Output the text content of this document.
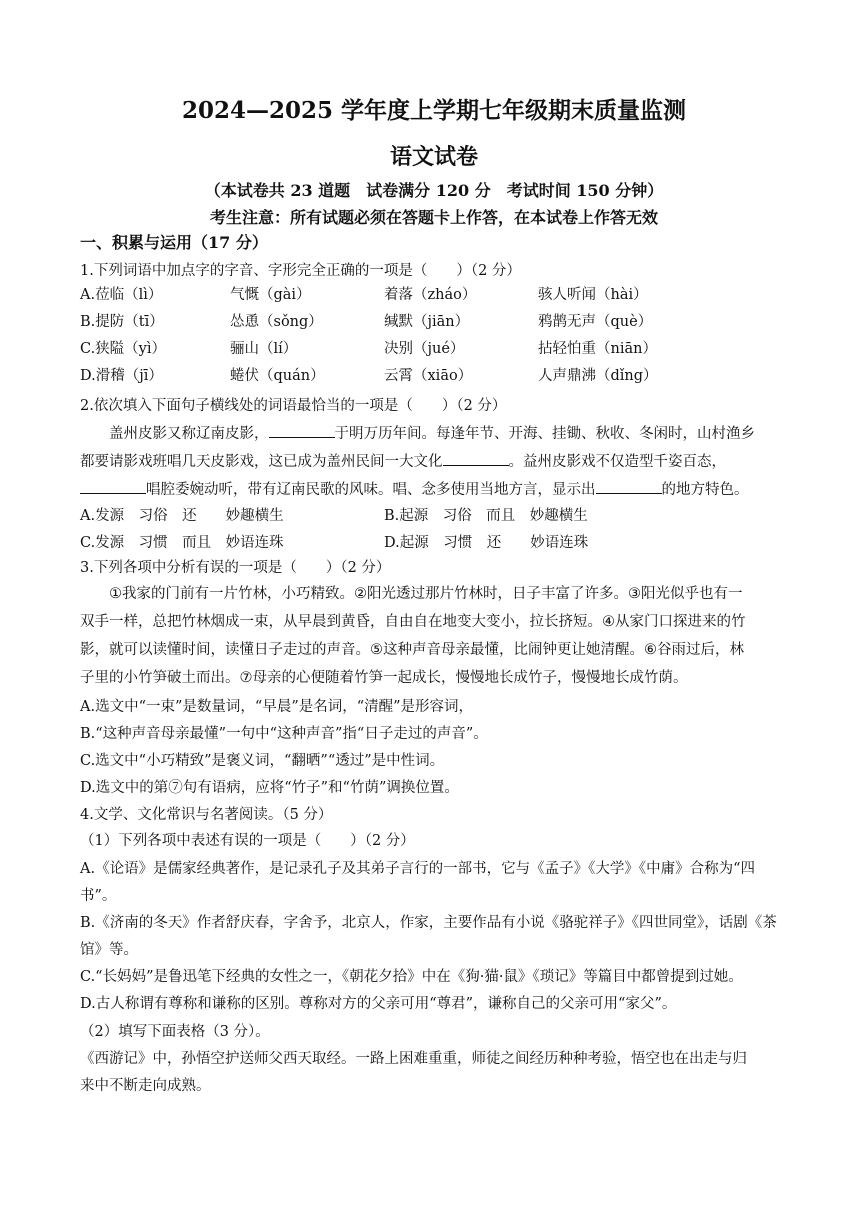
2024—2025 学年度上学期七年级期末质量监测
语文试卷
（本试卷共 23 道题　试卷满分 120 分　考试时间 150 分钟）
考生注意：所有试题必须在答题卡上作答，在本试卷上作答无效
一、积累与运用（17 分）
1.下列词语中加点字的字音、字形完全正确的一项是（　　）（2 分）
A.莅临（lì）	气慨（gài）	着落（zháo）	骇人听闻（hài）
B.提防（tī）	怂恿（sǒng）	缄默（jiān）	鸦鹊无声（què）
C.狭隘（yì）	骊山（lí）	决别（jué）	拈轻怕重（niān）
D.滑稽（jī）	蜷伏（quán）	云霄（xiāo）	人声鼎沸（dǐng）
2.依次填入下面句子横线处的词语最恰当的一项是（　　）（2 分）
　　盖州皮影又称辽南皮影，	于明万历年间。每逢年节、开海、挂锄、秋收、冬闲时，山村渔乡
都要请影戏班唱几天皮影戏，这已成为盖州民间一大文化	。益州皮影戏不仅造型千姿百态，
唱腔委婉动听，带有辽南民歌的风味。唱、念多使用当地方言，显示出	的地方特色。
A.发源　习俗　还　　妙趣横生	B.起源　习俗　而且　妙趣横生
C.发源　习惯　而且　妙语连珠	D.起源　习惯　还　　妙语连珠
3.下列各项中分析有误的一项是（　　）（2 分）
　　①我家的门前有一片竹林，小巧精致。②阳光透过那片竹林时，日子丰富了许多。③阳光似乎也有一
双手一样，总把竹林烟成一束，从早晨到黄昏，自由自在地变大变小，拉长挤短。④从家门口探进来的竹
影，就可以读懂时间，读懂日子走过的声音。⑤这种声音母亲最懂，比闹钟更让她清醒。⑥谷雨过后，林
子里的小竹笋破土而出。⑦母亲的心便随着竹笋一起成长，慢慢地长成竹子，慢慢地长成竹荫。
A.选文中“一束”是数量词，“早晨”是名词，“清醒”是形容词，
B.“这种声音母亲最懂”一句中“这种声音”指“日子走过的声音”。
C.选文中“小巧精致”是褒义词，“翻晒”“透过”是中性词。
D.选文中的第⑦句有语病，应将“竹子”和“竹荫”调换位置。
4.文学、文化常识与名著阅读。（5 分）
（1）下列各项中表述有误的一项是（　　）（2 分）
A.《论语》是儒家经典著作，是记录孔子及其弟子言行的一部书，它与《孟子》《大学》《中庸》合称为“四
书”。
B.《济南的冬天》作者舒庆春，字舍予，北京人，作家，主要作品有小说《骆驼祥子》《四世同堂》，话剧《茶
馆》等。
C.“长妈妈”是鲁迅笔下经典的女性之一，《朝花夕拾》中在《狗·猫·鼠》《琐记》等篇目中都曾提到过她。
D.古人称谓有尊称和谦称的区别。尊称对方的父亲可用“尊君”，谦称自己的父亲可用“家父”。
（2）填写下面表格（3 分）。
《西游记》中，孙悟空护送师父西天取经。一路上困难重重，师徒之间经历种种考验，悟空也在出走与归
来中不断走向成熟。
